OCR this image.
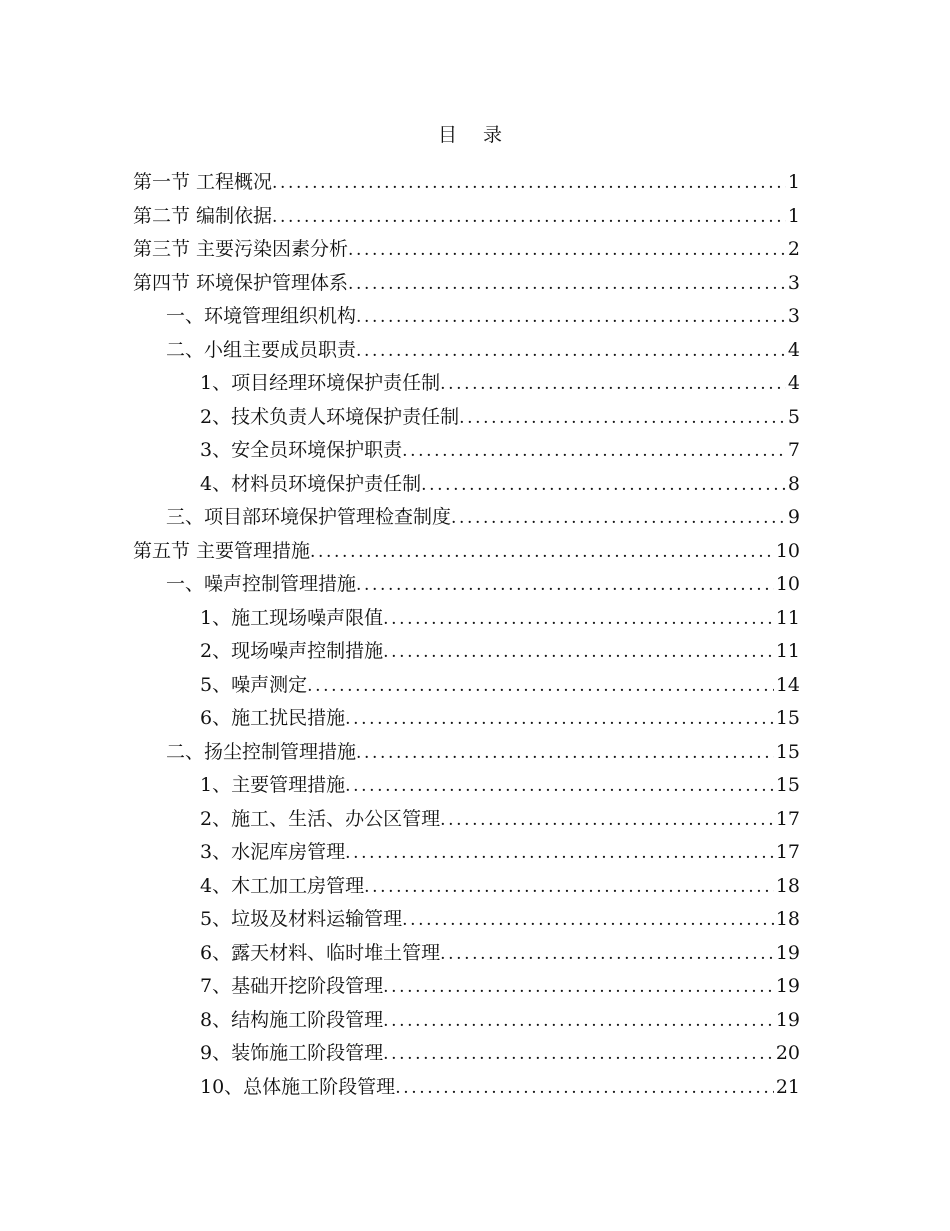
目 录
第一节 工程概况 .....	1
第二节 编制依据 .....	1
第三节 主要污染因素分析 .....	2
第四节 环境保护管理体系 .....	3
一、环境管理组织机构 .....	3
二、小组主要成员职责 .....	4
1、项目经理环境保护责任制 .....	4
2、技术负责人环境保护责任制 .....	5
3、安全员环境保护职责 .....	7
4、材料员环境保护责任制 .....	8
三、项目部环境保护管理检查制度 .....	9
第五节 主要管理措施 .....	10
一、噪声控制管理措施 .....	10
1、施工现场噪声限值 .....	11
2、现场噪声控制措施 .....	11
5、噪声测定 .....	14
6、施工扰民措施 .....	15
二、扬尘控制管理措施 .....	15
1、主要管理措施 .....	15
2、施工、生活、办公区管理 .....	17
3、水泥库房管理 .....	17
4、木工加工房管理 .....	18
5、垃圾及材料运输管理 .....	18
6、露天材料、临时堆土管理 .....	19
7、基础开挖阶段管理 .....	19
8、结构施工阶段管理 .....	19
9、装饰施工阶段管理 .....	20
10、总体施工阶段管理 .....	21
